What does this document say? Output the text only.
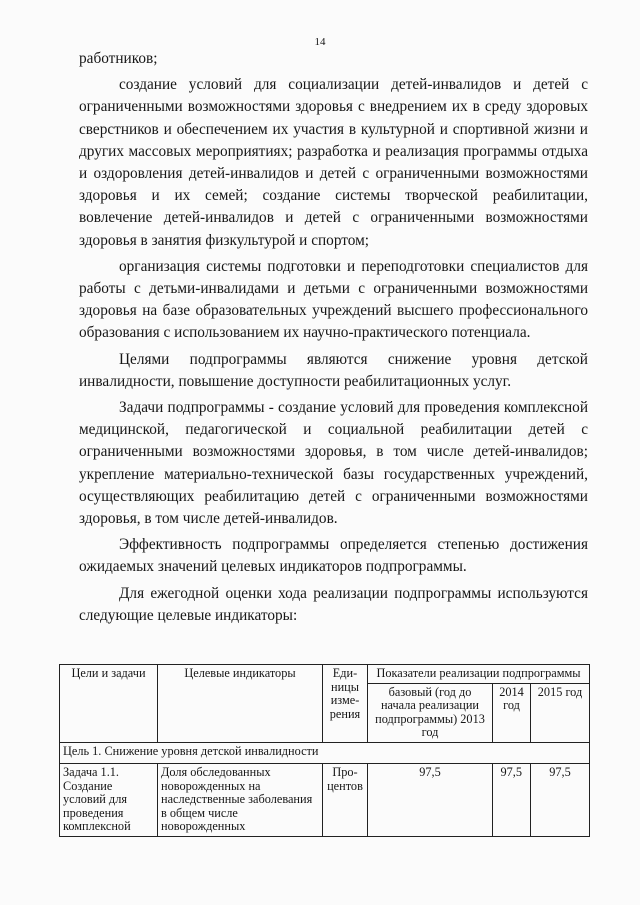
14

работников;

создание условий для социализации детей-инвалидов и детей с ограниченными возможностями здоровья с внедрением их в среду здоровых сверстников и обеспечением их участия в культурной и спортивной жизни и других массовых мероприятиях; разработка и реализация программы отдыха и оздоровления детей-инвалидов и детей с ограниченными возможностями здоровья и их семей; создание системы творческой реабилитации, вовлечение детей-инвалидов и детей с ограниченными возможностями здоровья в занятия физкультурой и спортом;

организация системы подготовки и переподготовки специалистов для работы с детьми-инвалидами и детьми с ограниченными возможностями здоровья на базе образовательных учреждений высшего профессионального образования с использованием их научно-практического потенциала.

Целями подпрограммы являются снижение уровня детской инвалидности, повышение доступности реабилитационных услуг.

Задачи подпрограммы - создание условий для проведения комплексной медицинской, педагогической и социальной реабилитации детей с ограниченными возможностями здоровья, в том числе детей-инвалидов; укрепление материально-технической базы государственных учреждений, осуществляющих реабилитацию детей с ограниченными возможностями здоровья, в том числе детей-инвалидов.

Эффективность подпрограммы определяется степенью достижения ожидаемых значений целевых индикаторов подпрограммы.

Для ежегодной оценки хода реализации подпрограммы используются следующие целевые индикаторы:

Цели и задачи	Целевые индикаторы	Еди-ницы изме-рения	Показатели реализации подпрограммы		
			базовый (год до начала реализации подпрограммы) 2013 год	2014 год	2015 год
Цель 1. Снижение уровня детской инвалидности					
Задача 1.1. Создание условий для проведения комплексной	Доля обследованных новорожденных на наследственные заболевания в общем числе новорожденных	Про-центов	97,5	97,5	97,5
